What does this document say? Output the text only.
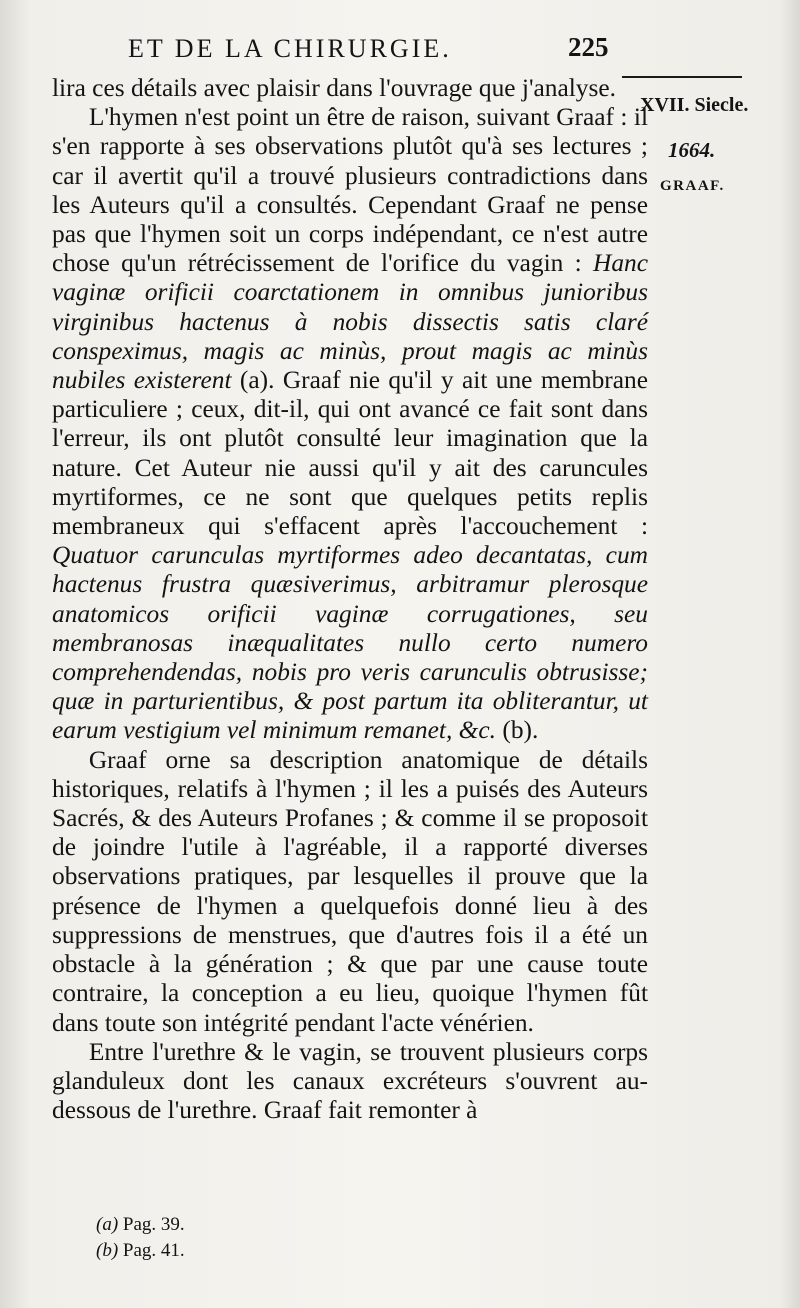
ET DE LA CHIRURGIE.	225
XVII. Siecle.
1664.
GRAAF.

lira ces détails avec plaisir dans l'ouvrage que j'analyse.

L'hymen n'est point un être de raison, suivant Graaf : il s'en rapporte à ses observations plutôt qu'à ses lectures ; car il avertit qu'il a trouvé plusieurs contradictions dans les Auteurs qu'il a consultés. Cependant Graaf ne pense pas que l'hymen soit un corps indépendant, ce n'est autre chose qu'un rétrécissement de l'orifice du vagin : Hanc vaginæ orificii coarctationem in omnibus junioribus virginibus hactenus à nobis dissectis satis claré conspeximus, magis ac minùs, prout magis ac minùs nubiles existerent (a). Graaf nie qu'il y ait une membrane particuliere ; ceux, dit-il, qui ont avancé ce fait sont dans l'erreur, ils ont plutôt consulté leur imagination que la nature. Cet Auteur nie aussi qu'il y ait des caruncules myrtiformes, ce ne sont que quelques petits replis membraneux qui s'effacent après l'accouchement : Quatuor carunculas myrtiformes adeo decantatas, cum hactenus frustra quæsiverimus, arbitramur plerosque anatomicos orificii vaginæ corrugationes, seu membranosas inæqualitates nullo certo numero comprehendendas, nobis pro veris carunculis obtrusisse; quæ in parturientibus, & post partum ita obliterantur, ut earum vestigium vel minimum remanet, &c. (b).

Graaf orne sa description anatomique de détails historiques, relatifs à l'hymen ; il les a puisés des Auteurs Sacrés, & des Auteurs Profanes ; & comme il se proposoit de joindre l'utile à l'agréable, il a rapporté diverses observations pratiques, par lesquelles il prouve que la présence de l'hymen a quelquefois donné lieu à des suppressions de menstrues, que d'autres fois il a été un obstacle à la génération ; & que par une cause toute contraire, la conception a eu lieu, quoique l'hymen fût dans toute son intégrité pendant l'acte vénérien.

Entre l'urethre & le vagin, se trouvent plusieurs corps glanduleux dont les canaux excréteurs s'ouvrent au-dessous de l'urethre. Graaf fait remonter à

(a) Pag. 39.
(b) Pag. 41.
